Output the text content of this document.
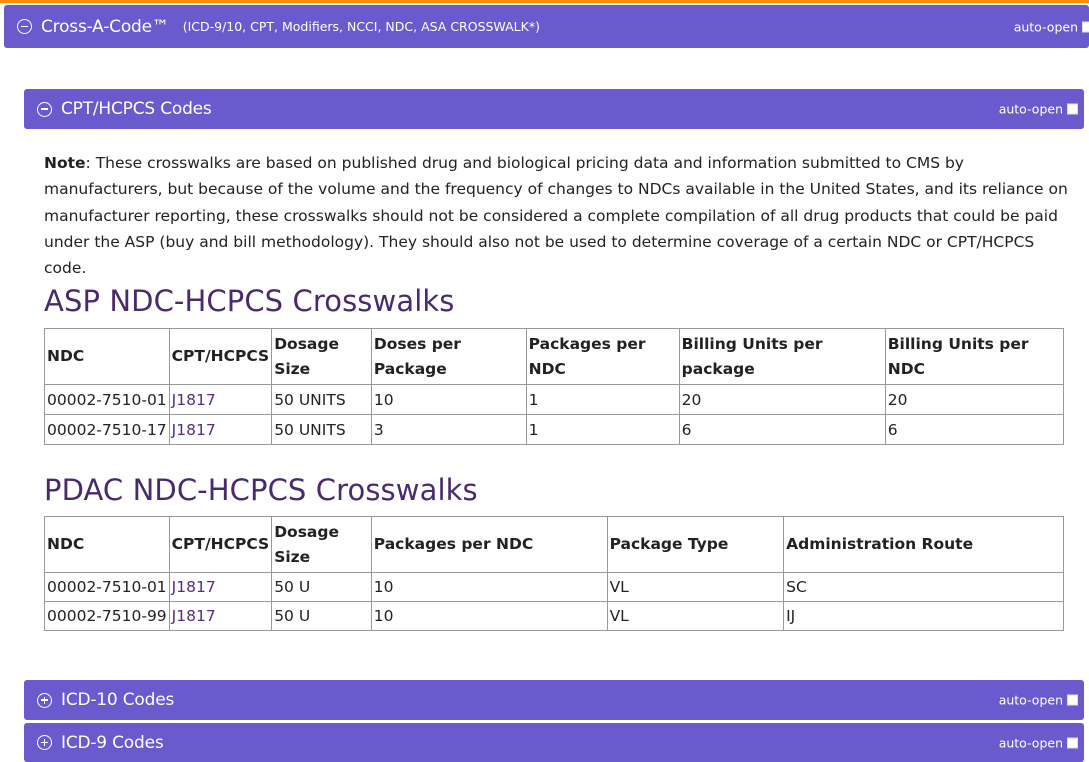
Cross-A-Code™ (ICD-9/10, CPT, Modifiers, NCCI, NDC, ASA CROSSWALK*)	auto-open
CPT/HCPCS Codes	auto-open

Note: These crosswalks are based on published drug and biological pricing data and information submitted to CMS by manufacturers, but because of the volume and the frequency of changes to NDCs available in the United States, and its reliance on manufacturer reporting, these crosswalks should not be considered a complete compilation of all drug products that could be paid under the ASP (buy and bill methodology). They should also not be used to determine coverage of a certain NDC or CPT/HCPCS code.

ASP NDC-HCPCS Crosswalks
NDC	CPT/HCPCS	Dosage Size	Doses per Package	Packages per NDC	Billing Units per package	Billing Units per NDC
00002-7510-01	J1817	50 UNITS	10	1	20	20
00002-7510-17	J1817	50 UNITS	3	1	6	6
PDAC NDC-HCPCS Crosswalks
NDC	CPT/HCPCS	Dosage Size	Packages per NDC	Package Type	Administration Route
00002-7510-01	J1817	50 U	10	VL	SC
00002-7510-99	J1817	50 U	10	VL	IJ
ICD-10 Codes	auto-open
ICD-9 Codes	auto-open
